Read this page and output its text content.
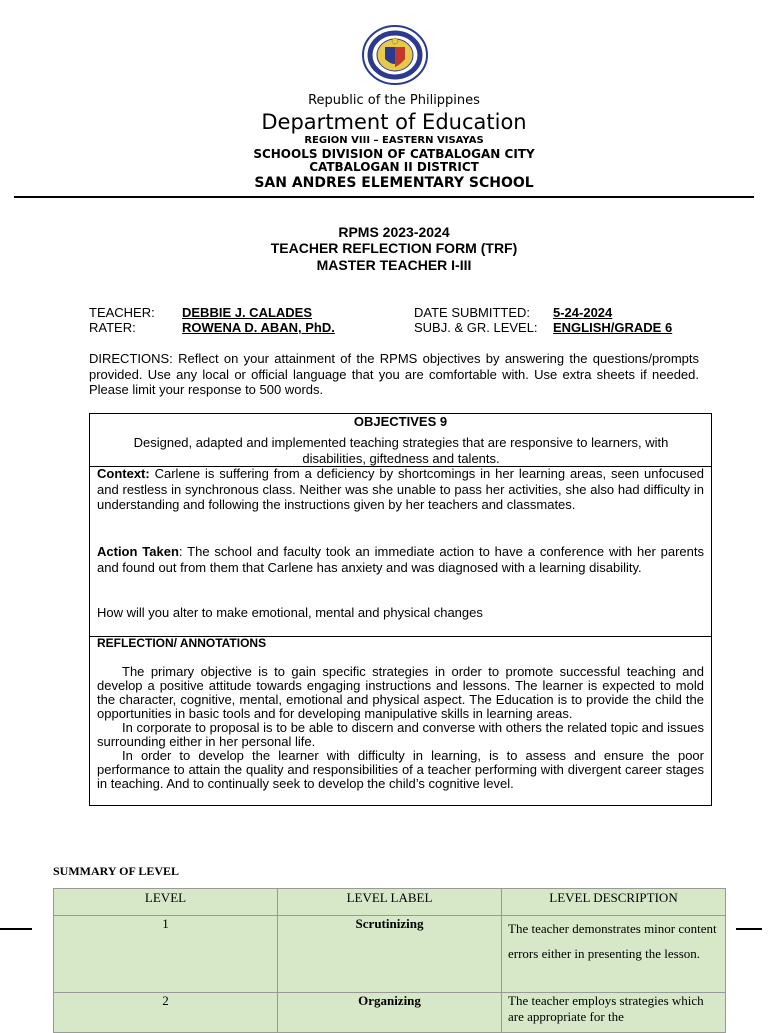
Republic of the Philippines
Department of Education
REGION VIII – EASTERN VISAYAS
SCHOOLS DIVISION OF CATBALOGAN CITY
CATBALOGAN II DISTRICT
SAN ANDRES ELEMENTARY SCHOOL
RPMS 2023-2024
TEACHER REFLECTION FORM (TRF)
MASTER TEACHER I-III
TEACHER: DEBBIE J. CALADES
RATER:	ROWENA D. ABAN, PhD.
DATE SUBMITTED: 5-24-2024
SUBJ. & GR. LEVEL: ENGLISH/GRADE 6
DIRECTIONS: Reflect on your attainment of the RPMS objectives by answering the questions/prompts provided. Use any local or official language that you are comfortable with. Use extra sheets if needed. Please limit your response to 500 words.
OBJECTIVES 9
Designed, adapted and implemented teaching strategies that are responsive to learners, with disabilities, giftedness and talents.
Context: Carlene is suffering from a deficiency by shortcomings in her learning areas, seen unfocused and restless in synchronous class. Neither was she unable to pass her activities, she also had difficulty in understanding and following the instructions given by her teachers and classmates.
Action Taken: The school and faculty took an immediate action to have a conference with her parents and found out from them that Carlene has anxiety and was diagnosed with a learning disability.
How will you alter to make emotional, mental and physical changes
REFLECTION/ ANNOTATIONS
The primary objective is to gain specific strategies in order to promote successful teaching and develop a positive attitude towards engaging instructions and lessons. The learner is expected to mold the character, cognitive, mental, emotional and physical aspect. The Education is to provide the child the opportunities in basic tools and for developing manipulative skills in learning areas.
In corporate to proposal is to be able to discern and converse with others the related topic and issues surrounding either in her personal life.
In order to develop the learner with difficulty in learning, is to assess and ensure the poor performance to attain the quality and responsibilities of a teacher performing with divergent career stages in teaching. And to continually seek to develop the child’s cognitive level.
SUMMARY OF LEVEL
LEVEL	LEVEL LABEL	LEVEL DESCRIPTION
1	Scrutinizing	The teacher demonstrates minor content errors either in presenting the lesson.
2	Organizing	The teacher employs strategies which are appropriate for the
